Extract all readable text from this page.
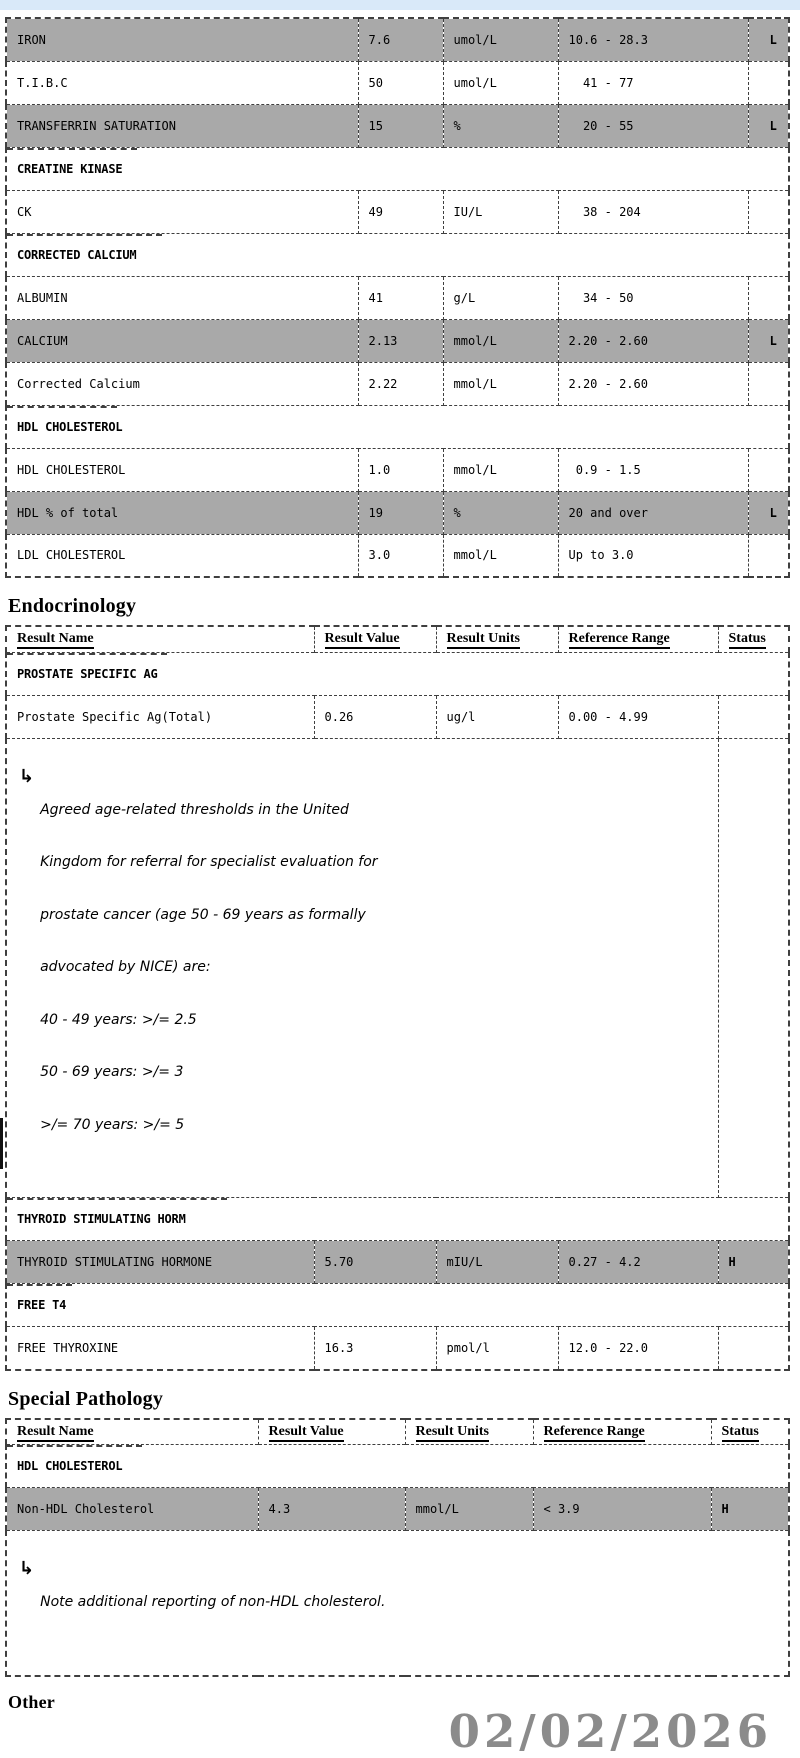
IRON	7.6	umol/L	10.6 - 28.3	L
T.I.B.C	50	umol/L	41 - 77	
TRANSFERRIN SATURATION	15	%	20 - 55	L

CREATINE KINASE				
CK	49	IU/L	38 - 204	

CORRECTED CALCIUM				
ALBUMIN	41	g/L	34 - 50	
CALCIUM	2.13	mmol/L	2.20 - 2.60	L
Corrected Calcium	2.22	mmol/L	2.20 - 2.60	

HDL CHOLESTEROL				
HDL CHOLESTEROL	1.0	mmol/L	0.9 - 1.5	
HDL % of total	19	%	20 and over	L
LDL CHOLESTEROL	3.0	mmol/L	Up to 3.0	
Endocrinology
Result Name	Result Value	Result Units	Reference Range	Status

PROSTATE SPECIFIC AG				
Prostate Specific Ag(Total)	0.26	ug/l	0.00 - 4.99	

↳

Agreed age-related thresholds in the United

Kingdom for referral for specialist evaluation for

prostate cancer (age 50 - 69 years as formally

advocated by NICE) are:

40 - 49 years: >/= 2.5

50 - 69 years: >/= 3

>/= 70 years: >/= 5

THYROID STIMULATING HORM				
THYROID STIMULATING HORMONE	5.70	mIU/L	0.27 - 4.2	H

FREE T4				
FREE THYROXINE	16.3	pmol/l	12.0 - 22.0	
Special Pathology
Result Name	Result Value	Result Units	Reference Range	Status

HDL CHOLESTEROL				
Non-HDL Cholesterol	4.3	mmol/L	< 3.9	H

↳

Note additional reporting of non-HDL cholesterol.				

Other
02/02/2026
